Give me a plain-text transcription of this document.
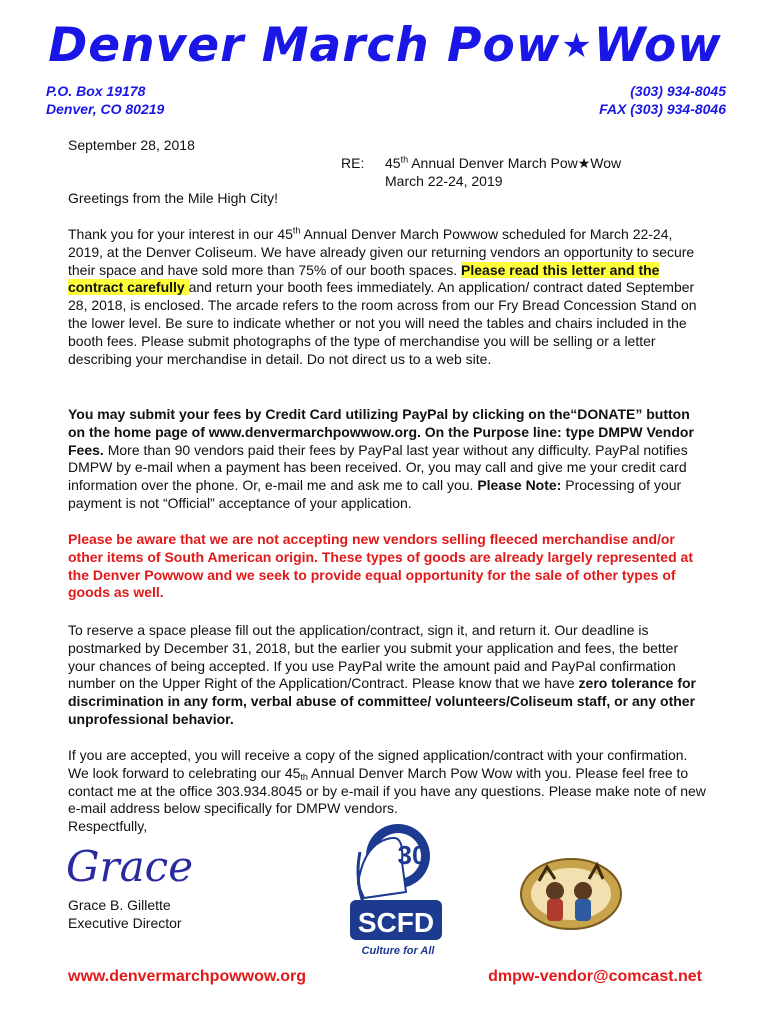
Denver March Pow★Wow
P.O. Box 19178
Denver, CO 80219
(303) 934-8045
FAX (303) 934-8046
September 28, 2018
RE: 45th Annual Denver March Pow★Wow
March 22-24, 2019
Greetings from the Mile High City!
Thank you for your interest in our 45th Annual Denver March Powwow scheduled for March 22-24, 2019, at the Denver Coliseum. We have already given our returning vendors an opportunity to secure their space and have sold more than 75% of our booth spaces. Please read this letter and the contract carefully and return your booth fees immediately. An application/ contract dated September 28, 2018, is enclosed. The arcade refers to the room across from our Fry Bread Concession Stand on the lower level. Be sure to indicate whether or not you will need the tables and chairs included in the booth fees. Please submit photographs of the type of merchandise you will be selling or a letter describing your merchandise in detail. Do not direct us to a web site.
You may submit your fees by Credit Card utilizing PayPal by clicking on the“DONATE” button on the home page of www.denvermarchpowwow.org. On the Purpose line: type DMPW Vendor Fees. More than 90 vendors paid their fees by PayPal last year without any difficulty. PayPal notifies DMPW by e-mail when a payment has been received. Or, you may call and give me your credit card information over the phone. Or, e-mail me and ask me to call you. Please Note: Processing of your payment is not “Official” acceptance of your application.
Please be aware that we are not accepting new vendors selling fleeced merchandise and/or other items of South American origin. These types of goods are already largely represented at the Denver Powwow and we seek to provide equal opportunity for the sale of other types of goods as well.
To reserve a space please fill out the application/contract, sign it, and return it. Our deadline is postmarked by December 31, 2018, but the earlier you submit your application and fees, the better your chances of being accepted. If you use PayPal write the amount paid and PayPal confirmation number on the Upper Right of the Application/Contract. Please know that we have zero tolerance for discrimination in any form, verbal abuse of committee/ volunteers/Coliseum staff, or any other unprofessional behavior.
If you are accepted, you will receive a copy of the signed application/contract with your confirmation. We look forward to celebrating our $45_{th}$ Annual Denver March Pow Wow with you. Please feel free to contact me at the office 303.934.8045 or by e-mail if you have any questions. Please make note of new e-mail address below specifically for DMPW vendors.
Respectfully,
Grace
Grace B. Gillette
Executive Director
30
SCFD
Culture for All
www.denvermarchpowwow.org	dmpw-vendor@comcast.net
